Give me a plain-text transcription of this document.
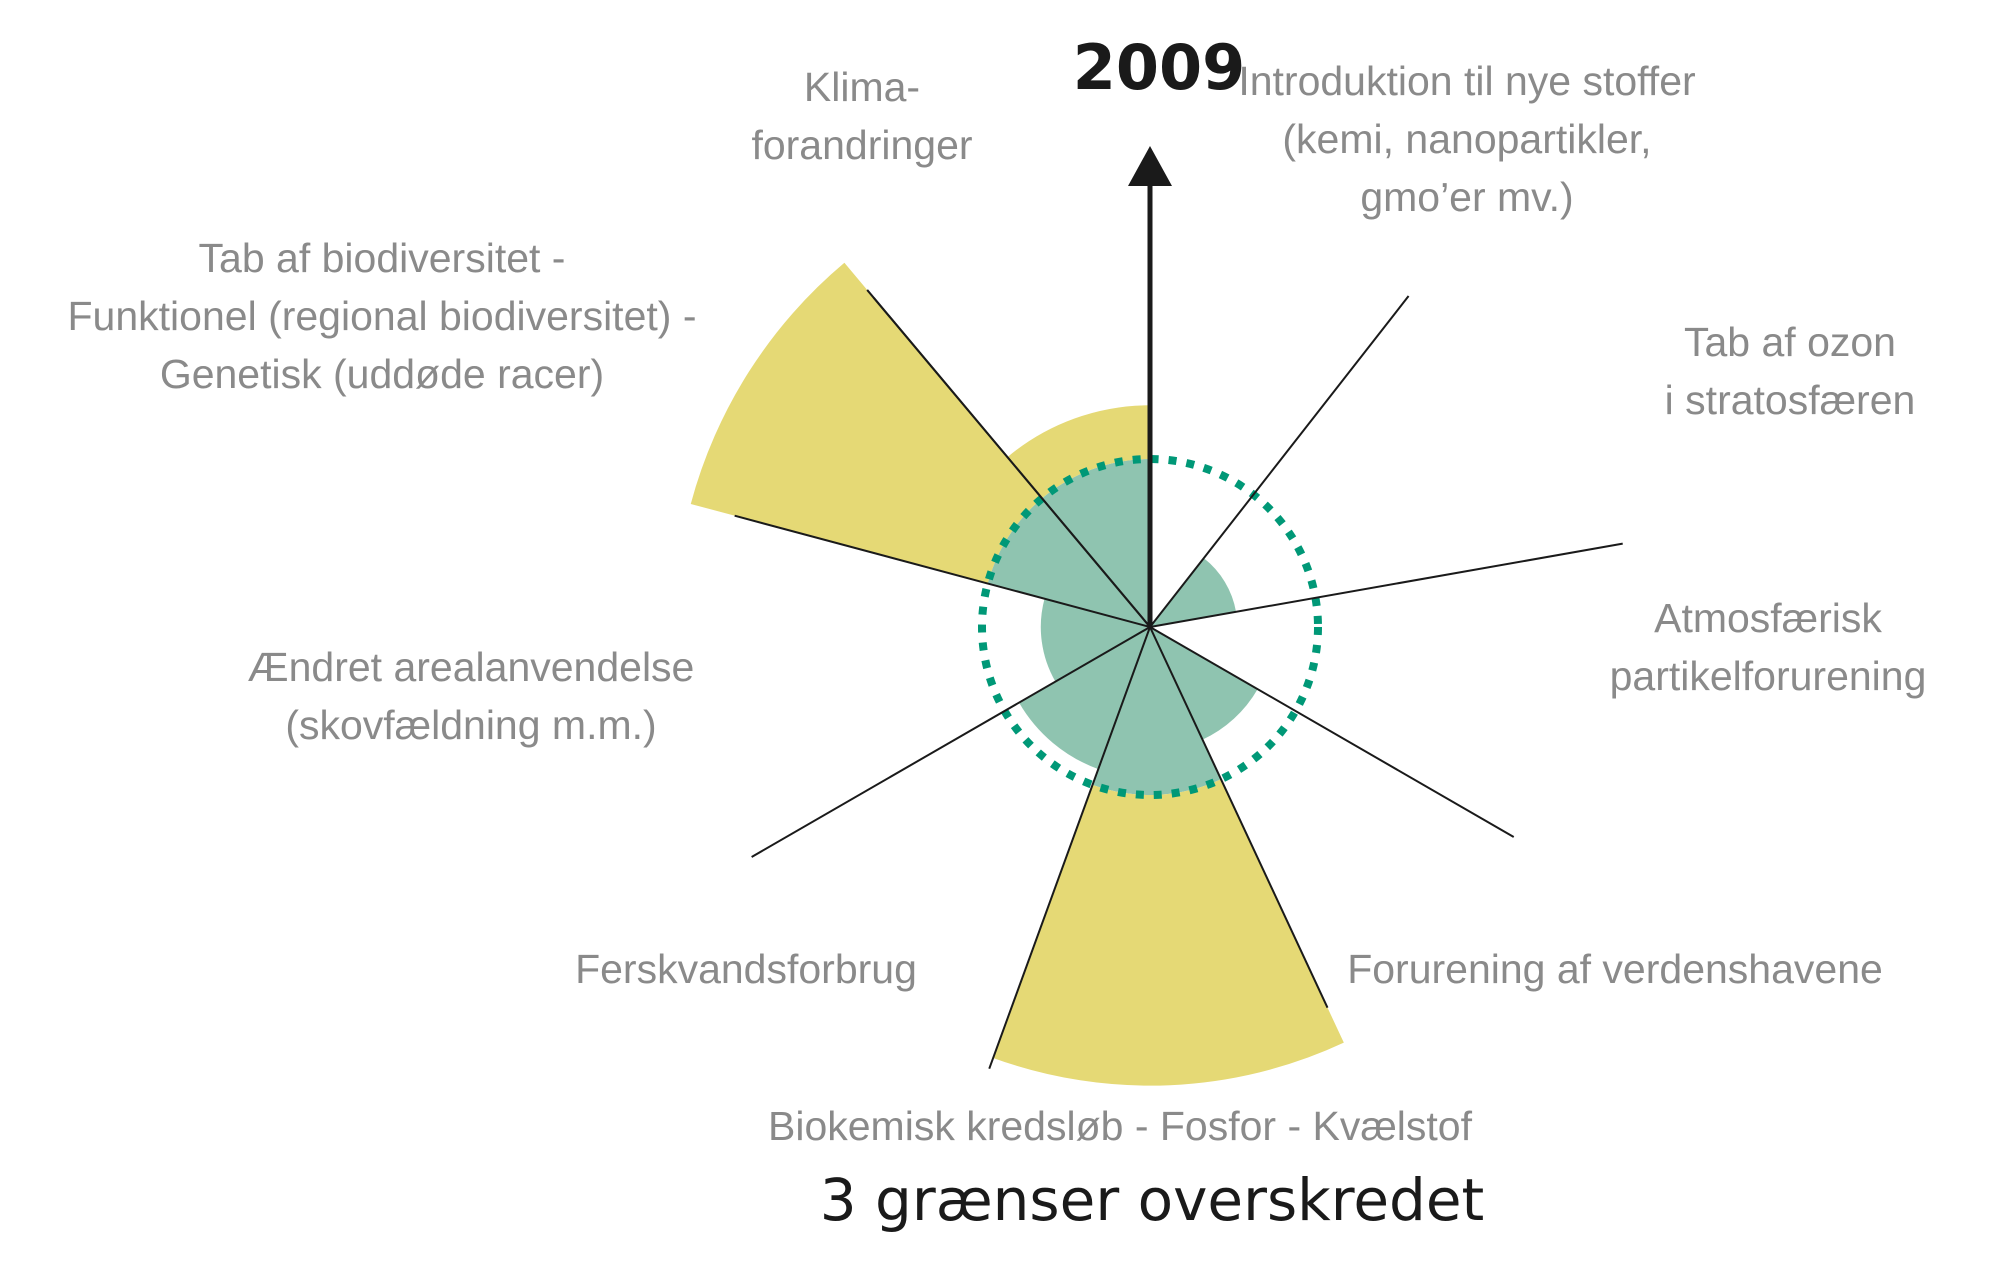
2009
Klima-forandringer
Introduktion til nye stoffer (kemi, nanopartikler, gmo’er mv.)
Tab af ozon i stratosfæren
Atmosfærisk partikelforurening
Forurening af verdenshavene
Biokemisk kredsløb - Fosfor - Kvælstof
Ferskvandsforbrug
Ændret arealanvendelse (skovfældning m.m.)
Tab af biodiversitet -Funktionel (regional biodiversitet) -Genetisk (uddøde racer)
3 grænser overskredet
